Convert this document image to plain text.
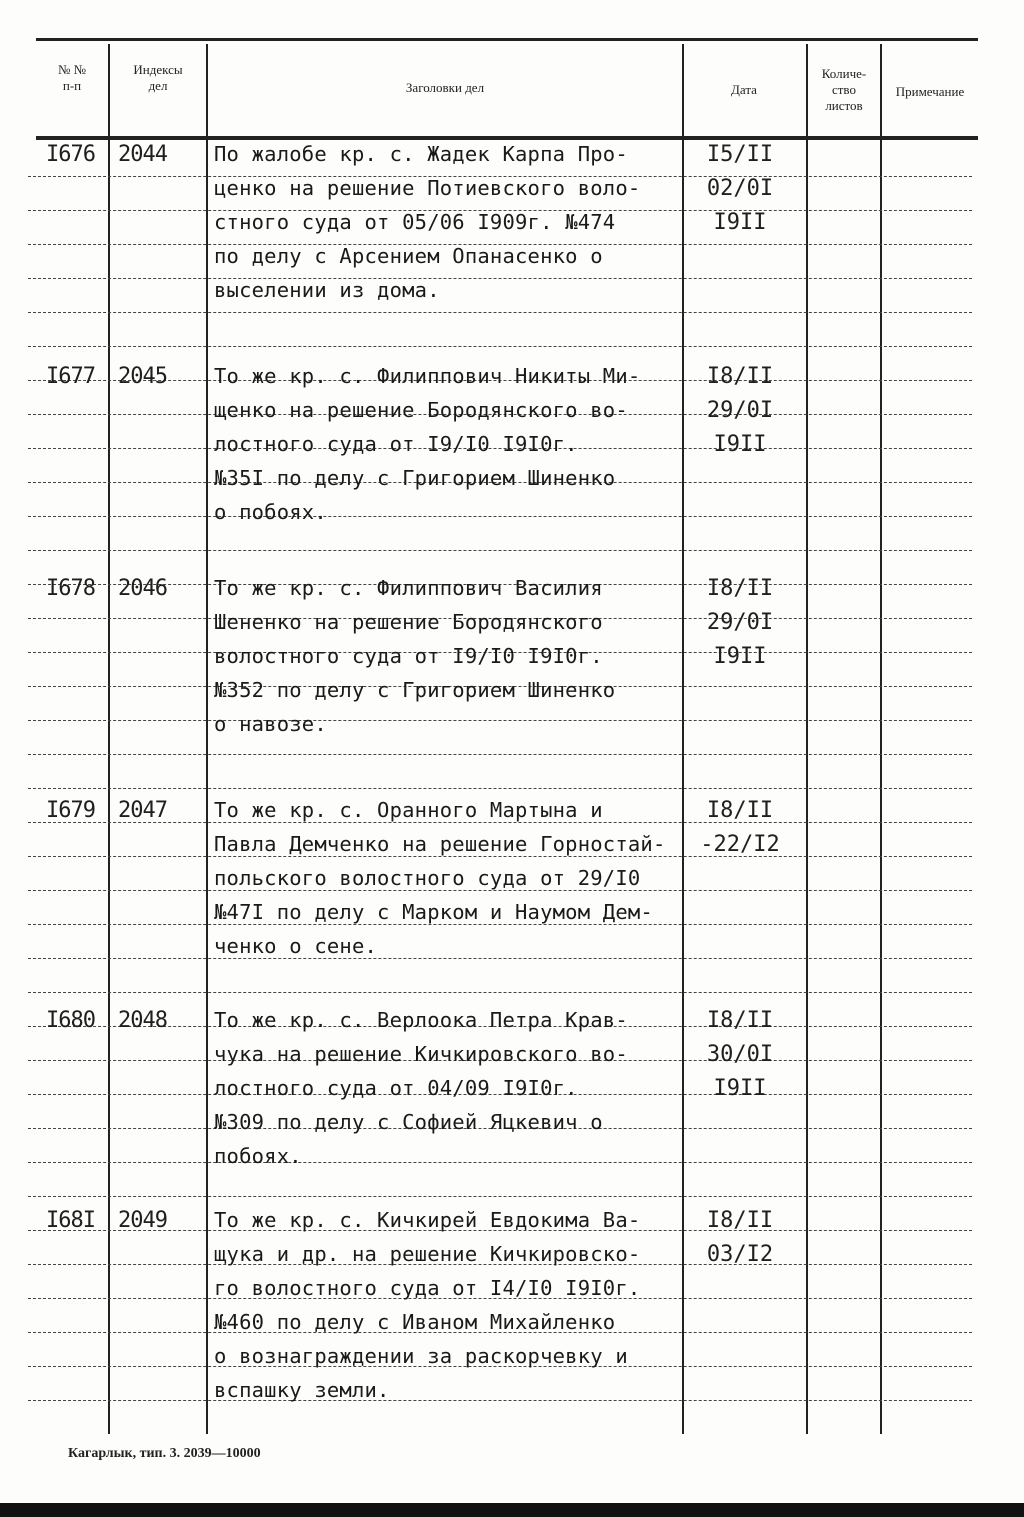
№ №
п-п
Индексы
дел	Заголовки дел	Дата
Количе-
ство
листов
Примечание
I676 2044 По жалобе кр. с. Жадек Карпа Про-
ценко на решение Потиевского воло-
стного суда от 05/06 I909г. №474
по делу с Арсением Опанасенко о
выселении из дома.
I5/II
02/0I
I9II
I677 2045 То же кр. с. Филиппович Никиты Ми-
щенко на решение Бородянского во-
лостного суда от I9/I0 I9I0г.
№35I по делу с Григорием Шиненко
о побоях.
I8/II
29/0I
I9II
I678 2046 То же кр. с. Филиппович Василия
Шененко на решение Бородянского
волостного суда от I9/I0 I9I0г.
№352 по делу с Григорием Шиненко
о навозе.
I8/II
29/0I
I9II
I679 2047 То же кр. с. Оранного Мартына и
Павла Демченко на решение Горностай-
польского волостного суда от 29/I0
№47I по делу с Марком и Наумом Дем-
ченко о сене.
I8/II
-22/I2
I680 2048 То же кр. с. Верлоока Петра Крав-
чука на решение Кичкировского во-
лостного суда от 04/09 I9I0г.
№309 по делу с Софией Яцкевич о
побоях.
I8/II
30/0I
I9II
I68I 2049 То же кр. с. Кичкирей Евдокима Ва-
щука и др. на решение Кичкировско-
го волостного суда от I4/I0 I9I0г.
№460 по делу с Иваном Михайленко
о вознаграждении за раскорчевку и
вспашку земли.
I8/II
03/I2
Кагарлык, тип. 3. 2039—10000
